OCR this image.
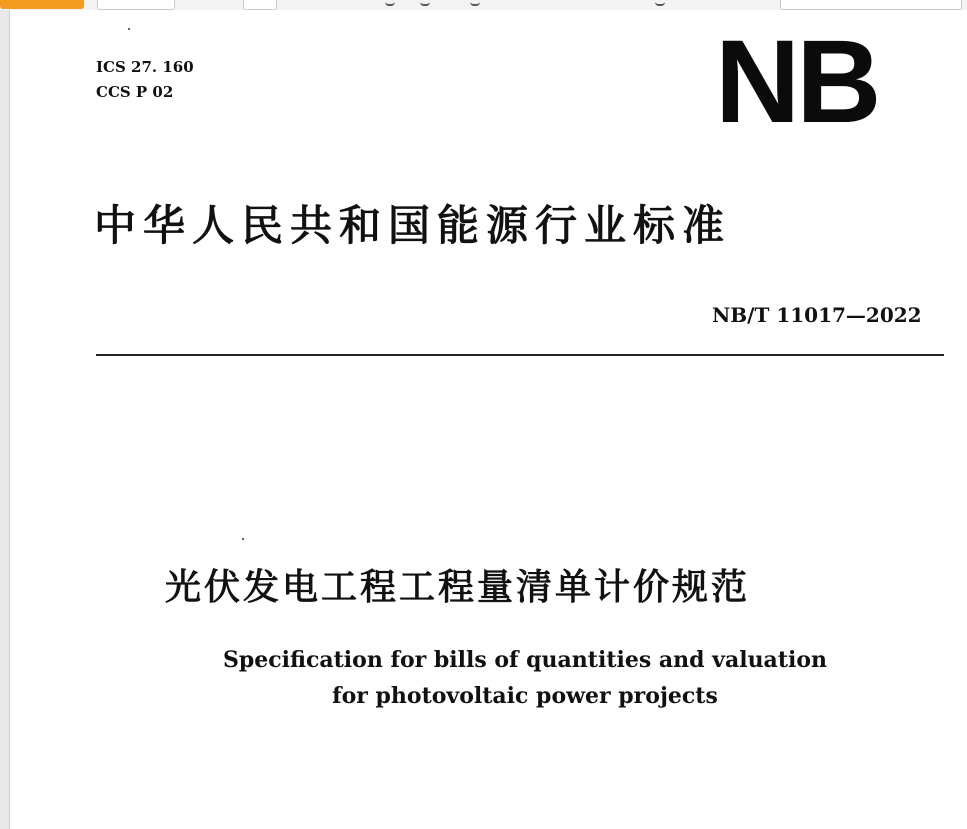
ICS 27. 160
CCS P 02	NB
中华人民共和国能源行业标准
NB/T 11017—2022
光伏发电工程工程量清单计价规范
Specification for bills of quantities and valuation
for photovoltaic power projects
